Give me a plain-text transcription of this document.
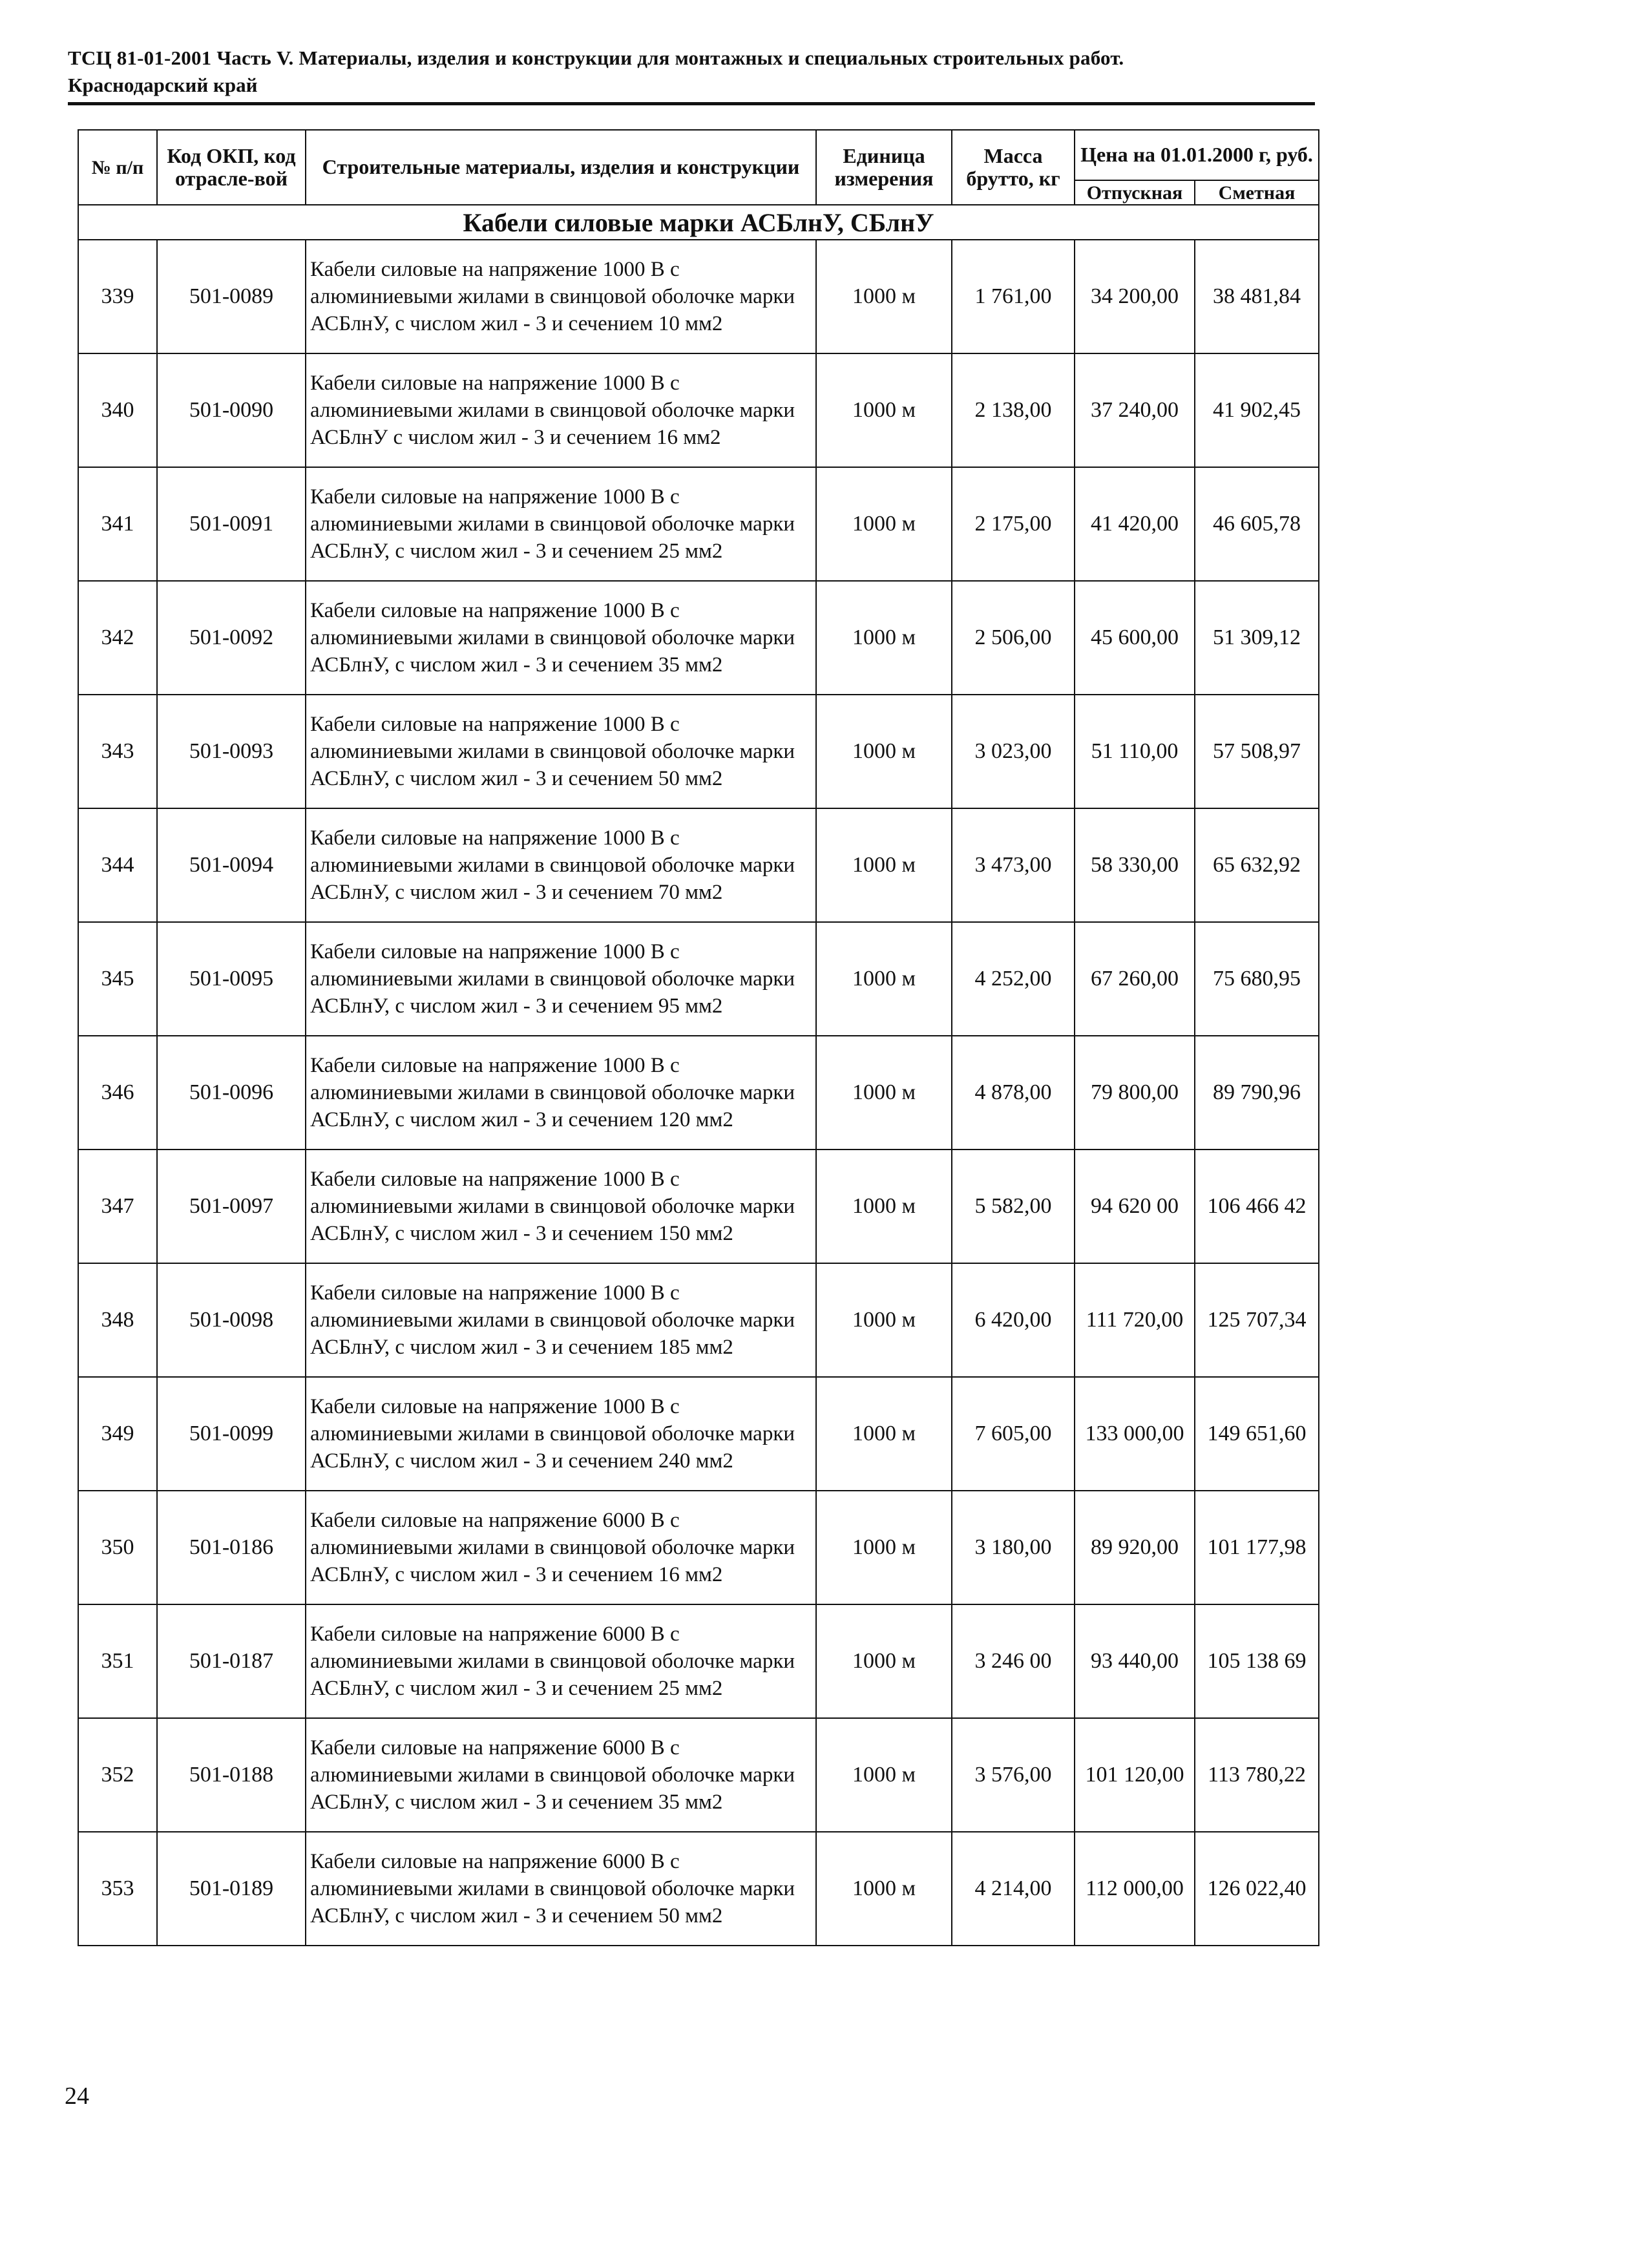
ТСЦ 81-01-2001 Часть V. Материалы, изделия и конструкции для монтажных и специальных строительных работ.
Краснодарский край
№ п/п	Код ОКП, код отрасле-вой	Строительные материалы, изделия и конструкции	Единица измерения	Масса брутто, кг	Цена на 01.01.2000 г, руб.	
					Отпускная	Сметная
Кабели силовые марки АСБлнУ, СБлнУ						
339	501-0089	Кабели силовые на напряжение 1000 В с алюминиевыми жилами в свинцовой оболочке марки АСБлнУ, с числом жил - 3 и сечением 10 мм2	1000 м	1 761,00	34 200,00	38 481,84
340	501-0090	Кабели силовые на напряжение 1000 В с алюминиевыми жилами в свинцовой оболочке марки АСБлнУ с числом жил - 3 и сечением 16 мм2	1000 м	2 138,00	37 240,00	41 902,45
341	501-0091	Кабели силовые на напряжение 1000 В с алюминиевыми жилами в свинцовой оболочке марки АСБлнУ, с числом жил - 3 и сечением 25 мм2	1000 м	2 175,00	41 420,00	46 605,78
342	501-0092	Кабели силовые на напряжение 1000 В с алюминиевыми жилами в свинцовой оболочке марки АСБлнУ, с числом жил - 3 и сечением 35 мм2	1000 м	2 506,00	45 600,00	51 309,12
343	501-0093	Кабели силовые на напряжение 1000 В с алюминиевыми жилами в свинцовой оболочке марки АСБлнУ, с числом жил - 3 и сечением 50 мм2	1000 м	3 023,00	51 110,00	57 508,97
344	501-0094	Кабели силовые на напряжение 1000 В с алюминиевыми жилами в свинцовой оболочке марки АСБлнУ, с числом жил - 3 и сечением 70 мм2	1000 м	3 473,00	58 330,00	65 632,92
345	501-0095	Кабели силовые на напряжение 1000 В с алюминиевыми жилами в свинцовой оболочке марки АСБлнУ, с числом жил - 3 и сечением 95 мм2	1000 м	4 252,00	67 260,00	75 680,95
346	501-0096	Кабели силовые на напряжение 1000 В с алюминиевыми жилами в свинцовой оболочке марки АСБлнУ, с числом жил - 3 и сечением 120 мм2	1000 м	4 878,00	79 800,00	89 790,96
347	501-0097	Кабели силовые на напряжение 1000 В с алюминиевыми жилами в свинцовой оболочке марки АСБлнУ, с числом жил - 3 и сечением 150 мм2	1000 м	5 582,00	94 620 00	106 466 42
348	501-0098	Кабели силовые на напряжение 1000 В с алюминиевыми жилами в свинцовой оболочке марки АСБлнУ, с числом жил - 3 и сечением 185 мм2	1000 м	6 420,00	111 720,00	125 707,34
349	501-0099	Кабели силовые на напряжение 1000 В с алюминиевыми жилами в свинцовой оболочке марки АСБлнУ, с числом жил - 3 и сечением 240 мм2	1000 м	7 605,00	133 000,00	149 651,60
350	501-0186	Кабели силовые на напряжение 6000 В с алюминиевыми жилами в свинцовой оболочке марки АСБлнУ, с числом жил - 3 и сечением 16 мм2	1000 м	3 180,00	89 920,00	101 177,98
351	501-0187	Кабели силовые на напряжение 6000 В с алюминиевыми жилами в свинцовой оболочке марки АСБлнУ, с числом жил - 3 и сечением 25 мм2	1000 м	3 246 00	93 440,00	105 138 69
352	501-0188	Кабели силовые на напряжение 6000 В с алюминиевыми жилами в свинцовой оболочке марки АСБлнУ, с числом жил - 3 и сечением 35 мм2	1000 м	3 576,00	101 120,00	113 780,22
353	501-0189	Кабели силовые на напряжение 6000 В с алюминиевыми жилами в свинцовой оболочке марки АСБлнУ, с числом жил - 3 и сечением 50 мм2	1000 м	4 214,00	112 000,00	126 022,40
24
